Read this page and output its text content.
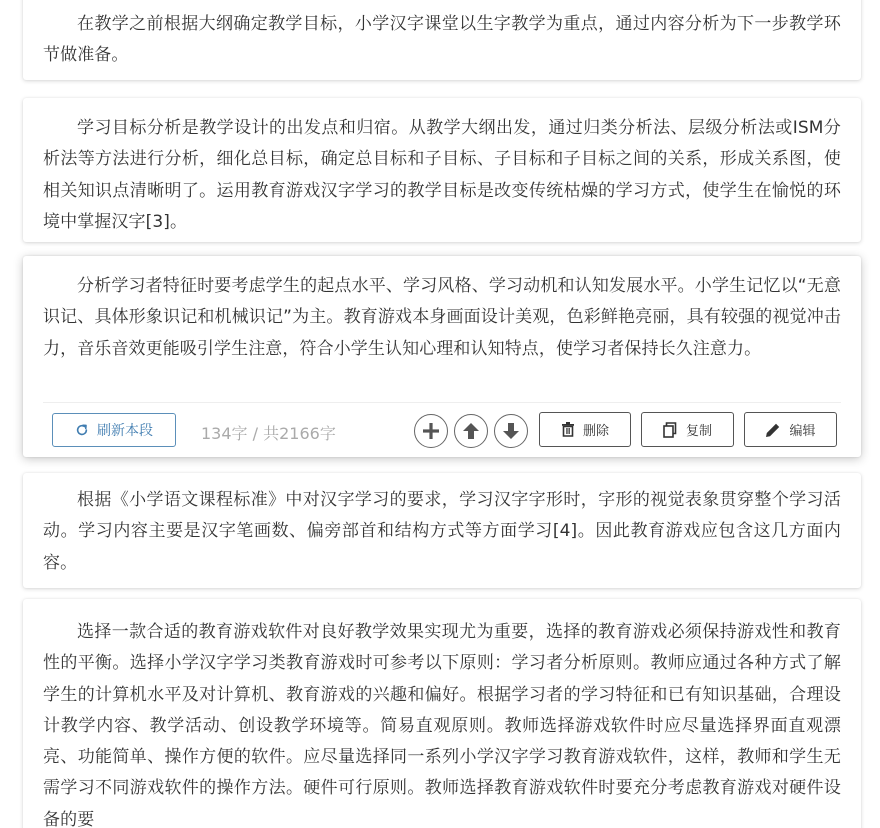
在教学之前根据大纲确定教学目标，小学汉字课堂以生字教学为重点，通过内容分析为下一步教学环节做准备。

学习目标分析是教学设计的出发点和归宿。从教学大纲出发，通过归类分析法、层级分析法或ISM分析法等方法进行分析，细化总目标，确定总目标和子目标、子目标和子目标之间的关系，形成关系图，使相关知识点清晰明了。运用教育游戏汉字学习的教学目标是改变传统枯燥的学习方式，使学生在愉悦的环境中掌握汉字[3]。

分析学习者特征时要考虑学生的起点水平、学习风格、学习动机和认知发展水平。小学生记忆以“无意识记、具体形象识记和机械识记”为主。教育游戏本身画面设计美观，色彩鲜艳亮丽，具有较强的视觉冲击力，音乐音效更能吸引学生注意，符合小学生认知心理和认知特点，使学习者保持长久注意力。

刷新本段	134字 / 共2166字	删除	复制	编辑

根据《小学语文课程标准》中对汉字学习的要求，学习汉字字形时，字形的视觉表象贯穿整个学习活动。学习内容主要是汉字笔画数、偏旁部首和结构方式等方面学习[4]。因此教育游戏应包含这几方面内容。

选择一款合适的教育游戏软件对良好教学效果实现尤为重要，选择的教育游戏必须保持游戏性和教育性的平衡。选择小学汉字学习类教育游戏时可参考以下原则：学习者分析原则。教师应通过各种方式了解学生的计算机水平及对计算机、教育游戏的兴趣和偏好。根据学习者的学习特征和已有知识基础，合理设计教学内容、教学活动、创设教学环境等。简易直观原则。教师选择游戏软件时应尽量选择界面直观漂亮、功能简单、操作方便的软件。应尽量选择同一系列小学汉字学习教育游戏软件，这样，教师和学生无需学习不同游戏软件的操作方法。硬件可行原则。教师选择教育游戏软件时要充分考虑教育游戏对硬件设备的要
